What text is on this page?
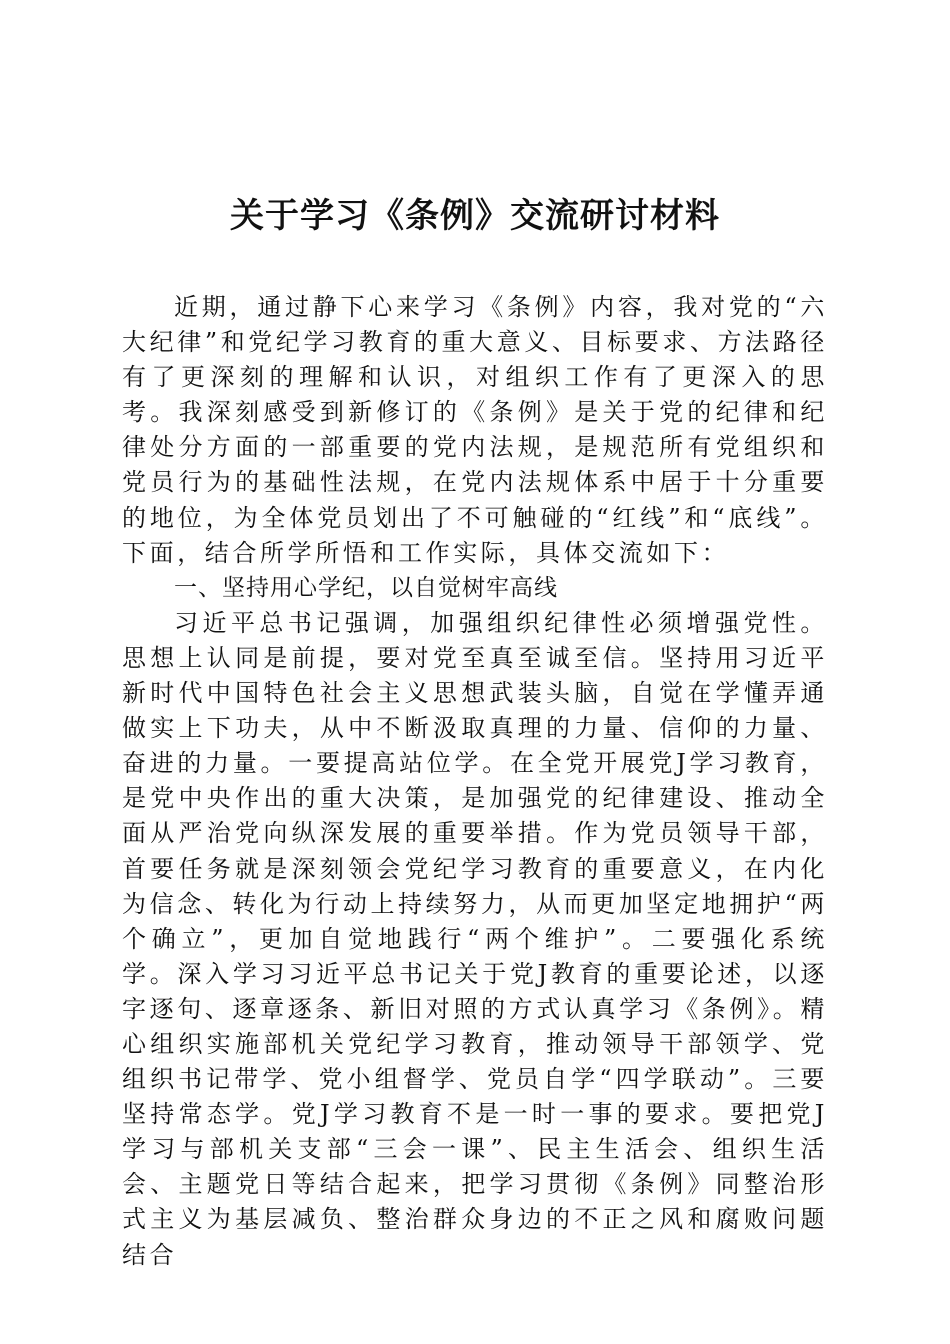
关于学习《条例》交流研讨材料

近期，通过静下心来学习《条例》内容，我对党的“六大纪律”和党纪学习教育的重大意义、目标要求、方法路径有了更深刻的理解和认识，对组织工作有了更深入的思考。我深刻感受到新修订的《条例》是关于党的纪律和纪律处分方面的一部重要的党内法规，是规范所有党组织和党员行为的基础性法规，在党内法规体系中居于十分重要的地位，为全体党员划出了不可触碰的“红线”和“底线”。下面，结合所学所悟和工作实际，具体交流如下：

一、坚持用心学纪，以自觉树牢高线

习近平总书记强调，加强组织纪律性必须增强党性。思想上认同是前提，要对党至真至诚至信。坚持用习近平新时代中国特色社会主义思想武装头脑，自觉在学懂弄通做实上下功夫，从中不断汲取真理的力量、信仰的力量、奋进的力量。一要提高站位学。在全党开展党J学习教育，是党中央作出的重大决策，是加强党的纪律建设、推动全面从严治党向纵深发展的重要举措。作为党员领导干部，首要任务就是深刻领会党纪学习教育的重要意义，在内化为信念、转化为行动上持续努力，从而更加坚定地拥护“两个确立”，更加自觉地践行“两个维护”。二要强化系统学。深入学习习近平总书记关于党J教育的重要论述，以逐字逐句、逐章逐条、新旧对照的方式认真学习《条例》。精心组织实施部机关党纪学习教育，推动领导干部领学、党组织书记带学、党小组督学、党员自学“四学联动”。三要坚持常态学。党J学习教育不是一时一事的要求。要把党J学习与部机关支部“三会一课”、民主生活会、组织生活会、主题党日等结合起来，把学习贯彻《条例》同整治形式主义为基层减负、整治群众身边的不正之风和腐败问题结合
